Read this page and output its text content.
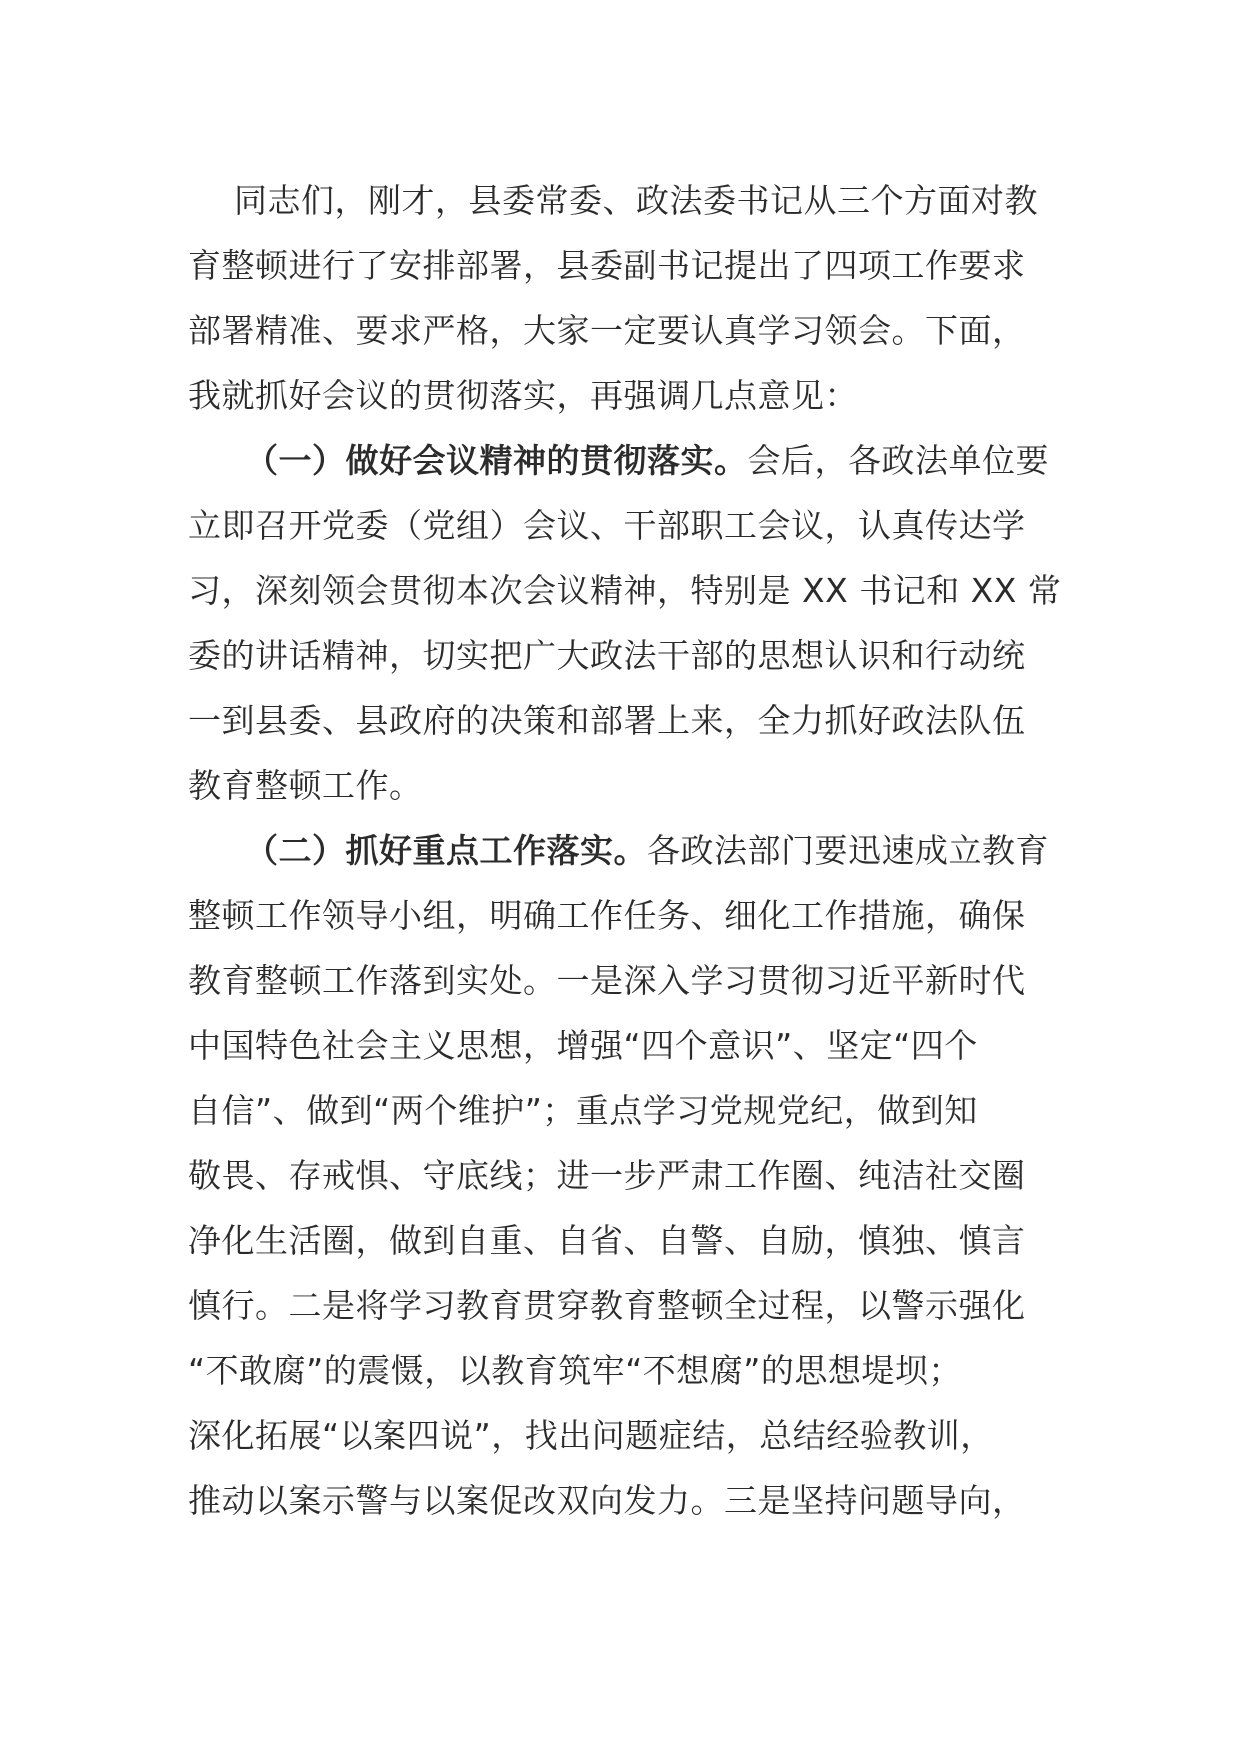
同志们，刚才，县委常委、政法委书记从三个方面对教
育整顿进行了安排部署，县委副书记提出了四项工作要求
部署精准、要求严格，大家一定要认真学习领会。下面，
我就抓好会议的贯彻落实，再强调几点意见：
（一）做好会议精神的贯彻落实。会后，各政法单位要
立即召开党委（党组）会议、干部职工会议，认真传达学
习，深刻领会贯彻本次会议精神，特别是 XX 书记和 XX 常
委的讲话精神，切实把广大政法干部的思想认识和行动统
一到县委、县政府的决策和部署上来，全力抓好政法队伍
教育整顿工作。
（二）抓好重点工作落实。各政法部门要迅速成立教育
整顿工作领导小组，明确工作任务、细化工作措施，确保
教育整顿工作落到实处。一是深入学习贯彻习近平新时代
中国特色社会主义思想，增强“四个意识”、坚定“四个
自信”、做到“两个维护”；重点学习党规党纪，做到知
敬畏、存戒惧、守底线；进一步严肃工作圈、纯洁社交圈
净化生活圈，做到自重、自省、自警、自励，慎独、慎言
慎行。二是将学习教育贯穿教育整顿全过程，以警示强化
“不敢腐”的震慑，以教育筑牢“不想腐”的思想堤坝；
深化拓展“以案四说”，找出问题症结，总结经验教训，
推动以案示警与以案促改双向发力。三是坚持问题导向，
